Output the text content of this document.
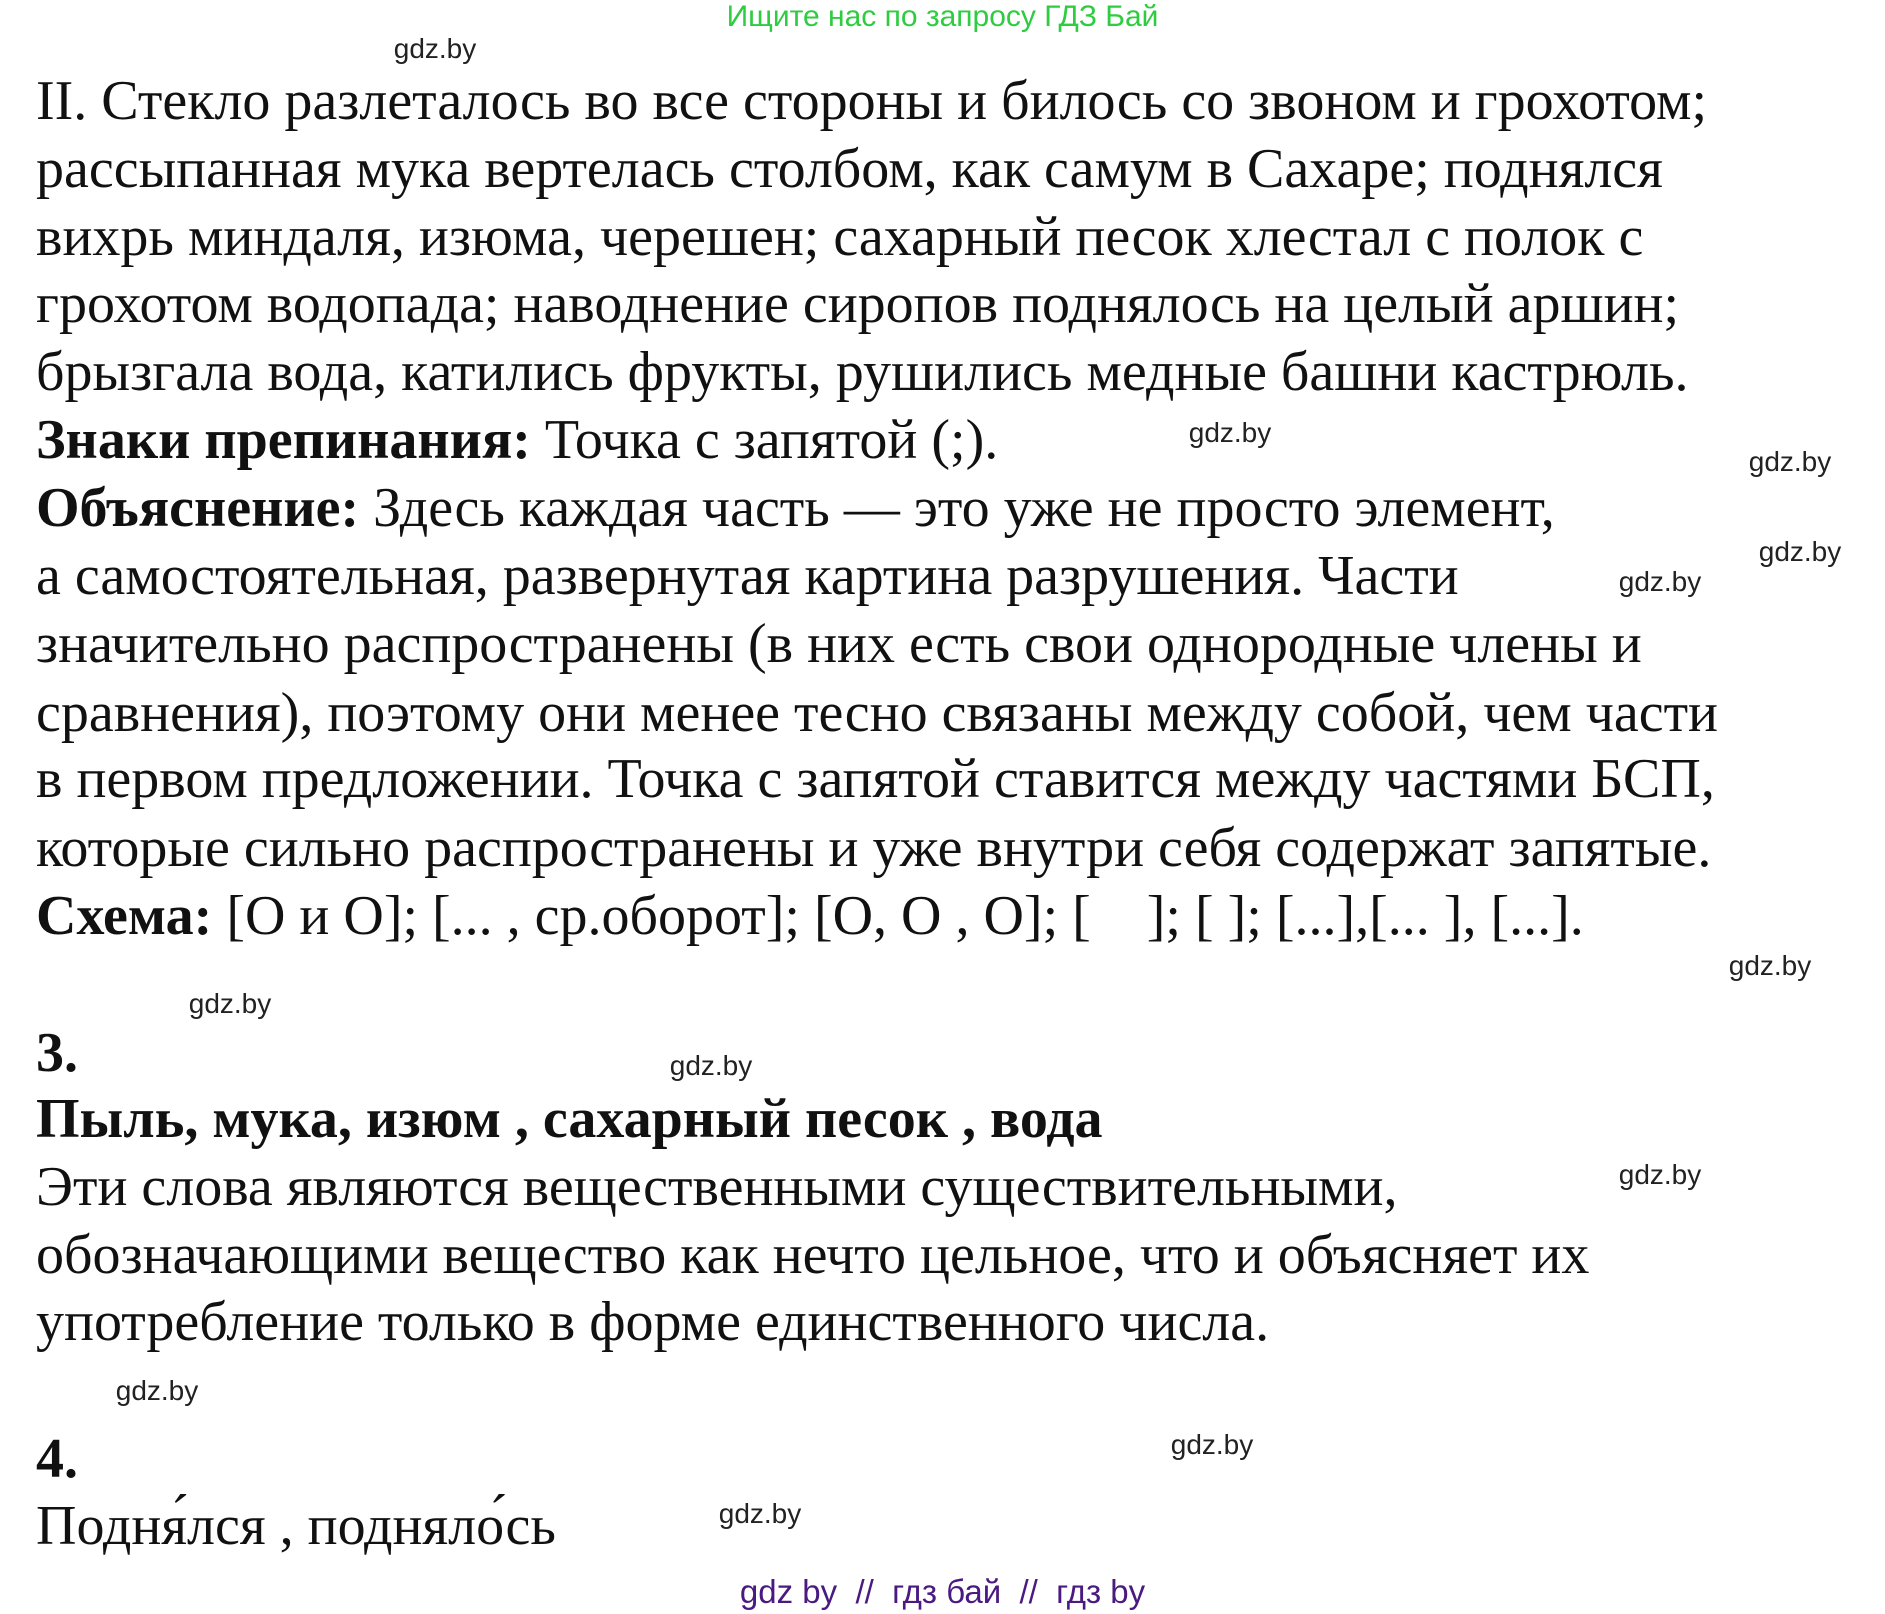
Ищите нас по запросу ГДЗ Бай
II. Стекло разлеталось во все стороны и билось со звоном и грохотом;
рассыпанная мука вертелась столбом, как самум в Сахаре; поднялся
вихрь миндаля, изюма, черешен; сахарный песок хлестал с полок с
грохотом водопада; наводнение сиропов поднялось на целый аршин;
брызгала вода, катились фрукты, рушились медные башни кастрюль.
Знаки препинания: Точка с запятой (;).
Объяснение: Здесь каждая часть — это уже не просто элемент,
а самостоятельная, развернутая картина разрушения. Части
значительно распространены (в них есть свои однородные члены и
сравнения), поэтому они менее тесно связаны между собой, чем части
в первом предложении. Точка с запятой ставится между частями БСП,
которые сильно распространены и уже внутри себя содержат запятые.
Схема: [О и О]; [... , ср.оборот]; [О, О , О]; [    ]; [ ]; [...],[... ], [...].
3.
Пыль, мука, изюм , сахарный песок , вода
Эти слова являются вещественными существительными,
обозначающими вещество как нечто цельное, что и объясняет их
употребление только в форме единственного числа.
4.
Подня́лся , подняло́сь
gdz.by
gdz.by
gdz.by
gdz.by
gdz.by
gdz.by
gdz.by
gdz.by
gdz.by
gdz.by
gdz.by
gdz.by
gdz by  //  гдз бай  //  гдз by
